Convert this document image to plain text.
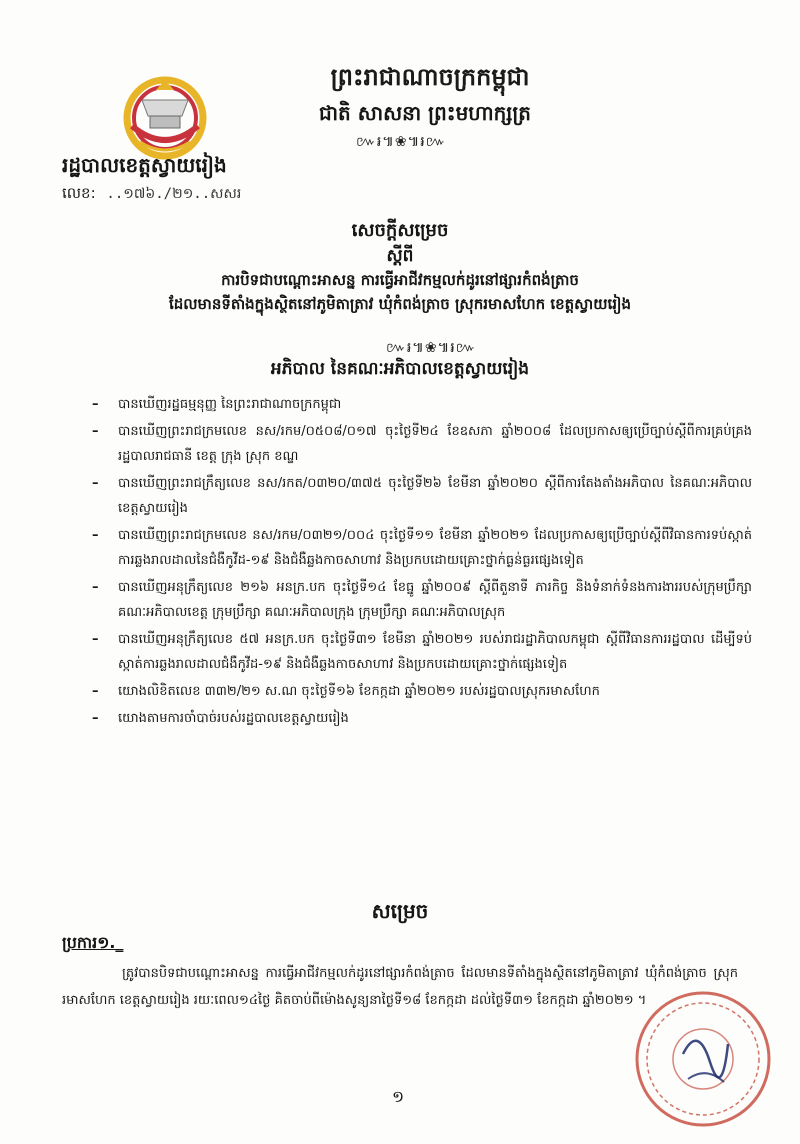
ព្រះរាជាណាចក្រកម្ពុជា
ជាតិ សាសនា ព្រះមហាក្សត្រ
៚៛៕❀៕៛៚
រដ្ឋបាលខេត្តស្វាយរៀង
លេខ: ..១៧៦./២១..សសរ
សេចក្តីសម្រេច
ស្តីពី
ការបិទជាបណ្តោះអាសន្ន ការធ្វើអាជីវកម្មលក់ដូរនៅផ្សារកំពង់ត្រាច
ដែលមានទីតាំងក្នុងស្ថិតនៅភូមិតាត្រាវ ឃុំកំពង់ត្រាច ស្រុករមាសហែក ខេត្តស្វាយរៀង
៚៛៕❀៕៛៚
អភិបាល នៃគណៈអភិបាលខេត្តស្វាយរៀង
– បានឃើញរដ្ឋធម្មនុញ្ញ នៃព្រះរាជាណាចក្រកម្ពុជា
– បានឃើញព្រះរាជក្រមលេខ នស/រកម/០៥០៨/០១៧ ចុះថ្ងៃទី២៤ ខែឧសភា ឆ្នាំ២០០៨ ដែលប្រកាសឲ្យប្រើច្បាប់ស្តីពីការគ្រប់គ្រងរដ្ឋបាលរាជធានី ខេត្ត ក្រុង ស្រុក ខណ្ឌ
– បានឃើញព្រះរាជក្រឹត្យលេខ នស/រកត/០៣២០/៣៧៥ ចុះថ្ងៃទី២៦ ខែមីនា ឆ្នាំ២០២០ ស្តីពីការតែងតាំងអភិបាល នៃគណៈអភិបាលខេត្តស្វាយរៀង
– បានឃើញព្រះរាជក្រមលេខ នស/រកម/០៣២១/០០៤ ចុះថ្ងៃទី១១ ខែមីនា ឆ្នាំ២០២១ ដែលប្រកាសឲ្យប្រើច្បាប់ស្តីពីវិធានការទប់ស្កាត់ការឆ្លងរាលដាលនៃជំងឺកូវីដ-១៩ និងជំងឺឆ្លងកាចសាហាវ និងប្រកបដោយគ្រោះថ្នាក់ធ្ងន់ធ្ងរផ្សេងទៀត
– បានឃើញអនុក្រឹត្យលេខ ២១៦ អនក្រ.បក ចុះថ្ងៃទី១៤ ខែធ្នូ ឆ្នាំ២០០៩ ស្តីពីតួនាទី ភារកិច្ច និងទំនាក់ទំនងការងាររបស់ក្រុមប្រឹក្សា គណៈអភិបាលខេត្ត ក្រុមប្រឹក្សា គណៈអភិបាលក្រុង ក្រុមប្រឹក្សា គណៈអភិបាលស្រុក
– បានឃើញអនុក្រឹត្យលេខ ៥៧ អនក្រ.បក ចុះថ្ងៃទី៣១ ខែមីនា ឆ្នាំ២០២១ របស់រាជរដ្ឋាភិបាលកម្ពុជា ស្តីពីវិធានការរដ្ឋបាល ដើម្បីទប់ស្កាត់ការឆ្លងរាលដាលជំងឺកូវីដ-១៩ និងជំងឺឆ្លងកាចសាហាវ និងប្រកបដោយគ្រោះថ្នាក់ផ្សេងទៀត
– យោងលិខិតលេខ ៣៣២/២១ ស.ណ ចុះថ្ងៃទី១៦ ខែកក្កដា ឆ្នាំ២០២១ របស់រដ្ឋបាលស្រុករមាសហែក
– យោងតាមការចាំបាច់របស់រដ្ឋបាលខេត្តស្វាយរៀង
សម្រេច
ប្រការ១._
ត្រូវបានបិទជាបណ្តោះអាសន្ន ការធ្វើអាជីវកម្មលក់ដូរនៅផ្សារកំពង់ត្រាច ដែលមានទីតាំងក្នុងស្ថិតនៅភូមិតាត្រាវ ឃុំកំពង់ត្រាច ស្រុករមាសហែក ខេត្តស្វាយរៀង រយៈពេល១៤ថ្ងៃ គិតចាប់ពីម៉ោងសូន្យនាថ្ងៃទី១៨ ខែកក្កដា ដល់ថ្ងៃទី៣១ ខែកក្កដា ឆ្នាំ២០២១ ។
១
